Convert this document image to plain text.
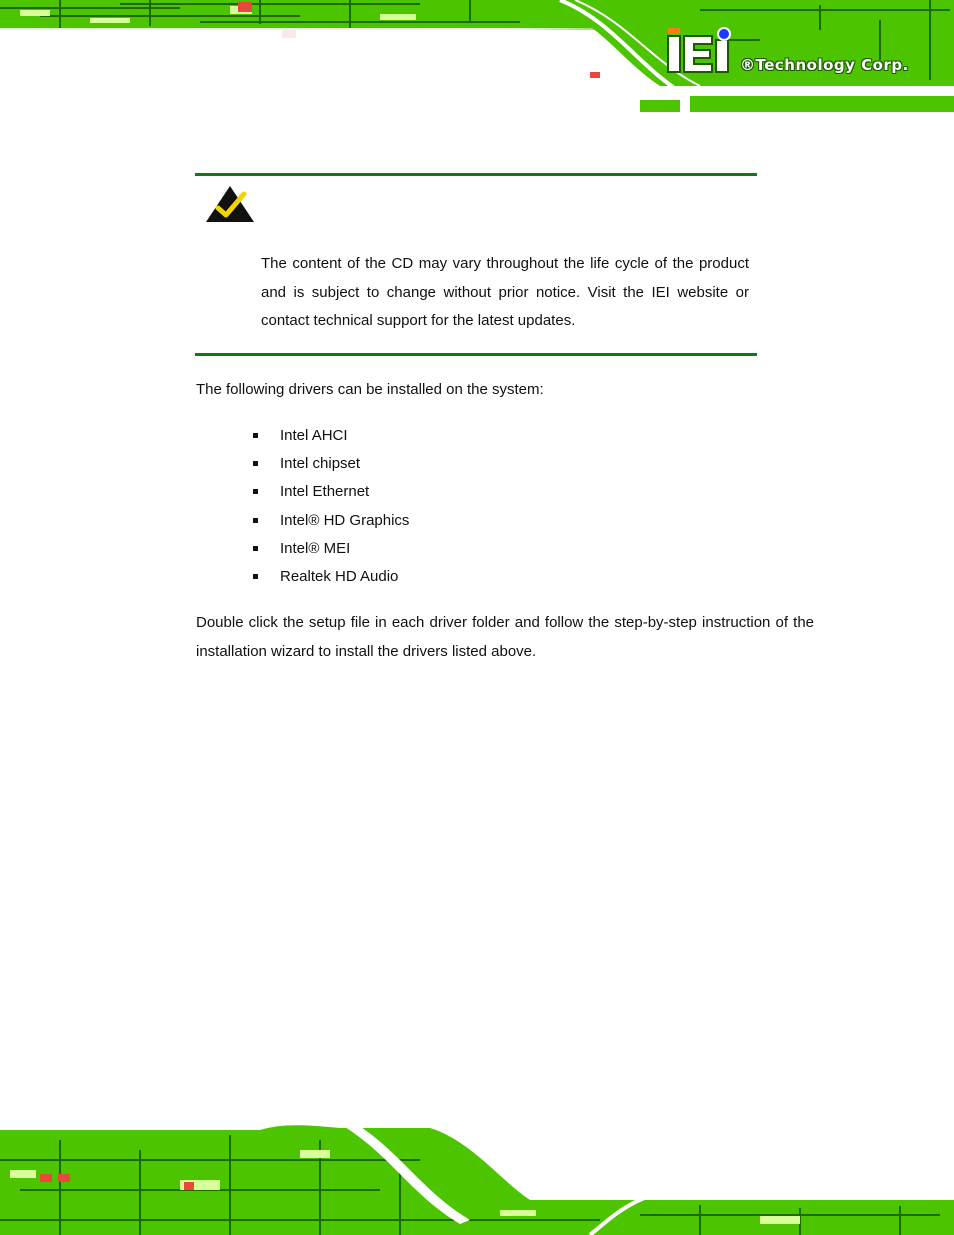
®Technology Corp.
The content of the CD may vary throughout the life cycle of the product and is subject to change without prior notice. Visit the IEI website or contact technical support for the latest updates.
The following drivers can be installed on the system:
Intel AHCI
Intel chipset
Intel Ethernet
Intel® HD Graphics
Intel® MEI
Realtek HD Audio
Double click the setup file in each driver folder and follow the step-by-step instruction of the installation wizard to install the drivers listed above.
